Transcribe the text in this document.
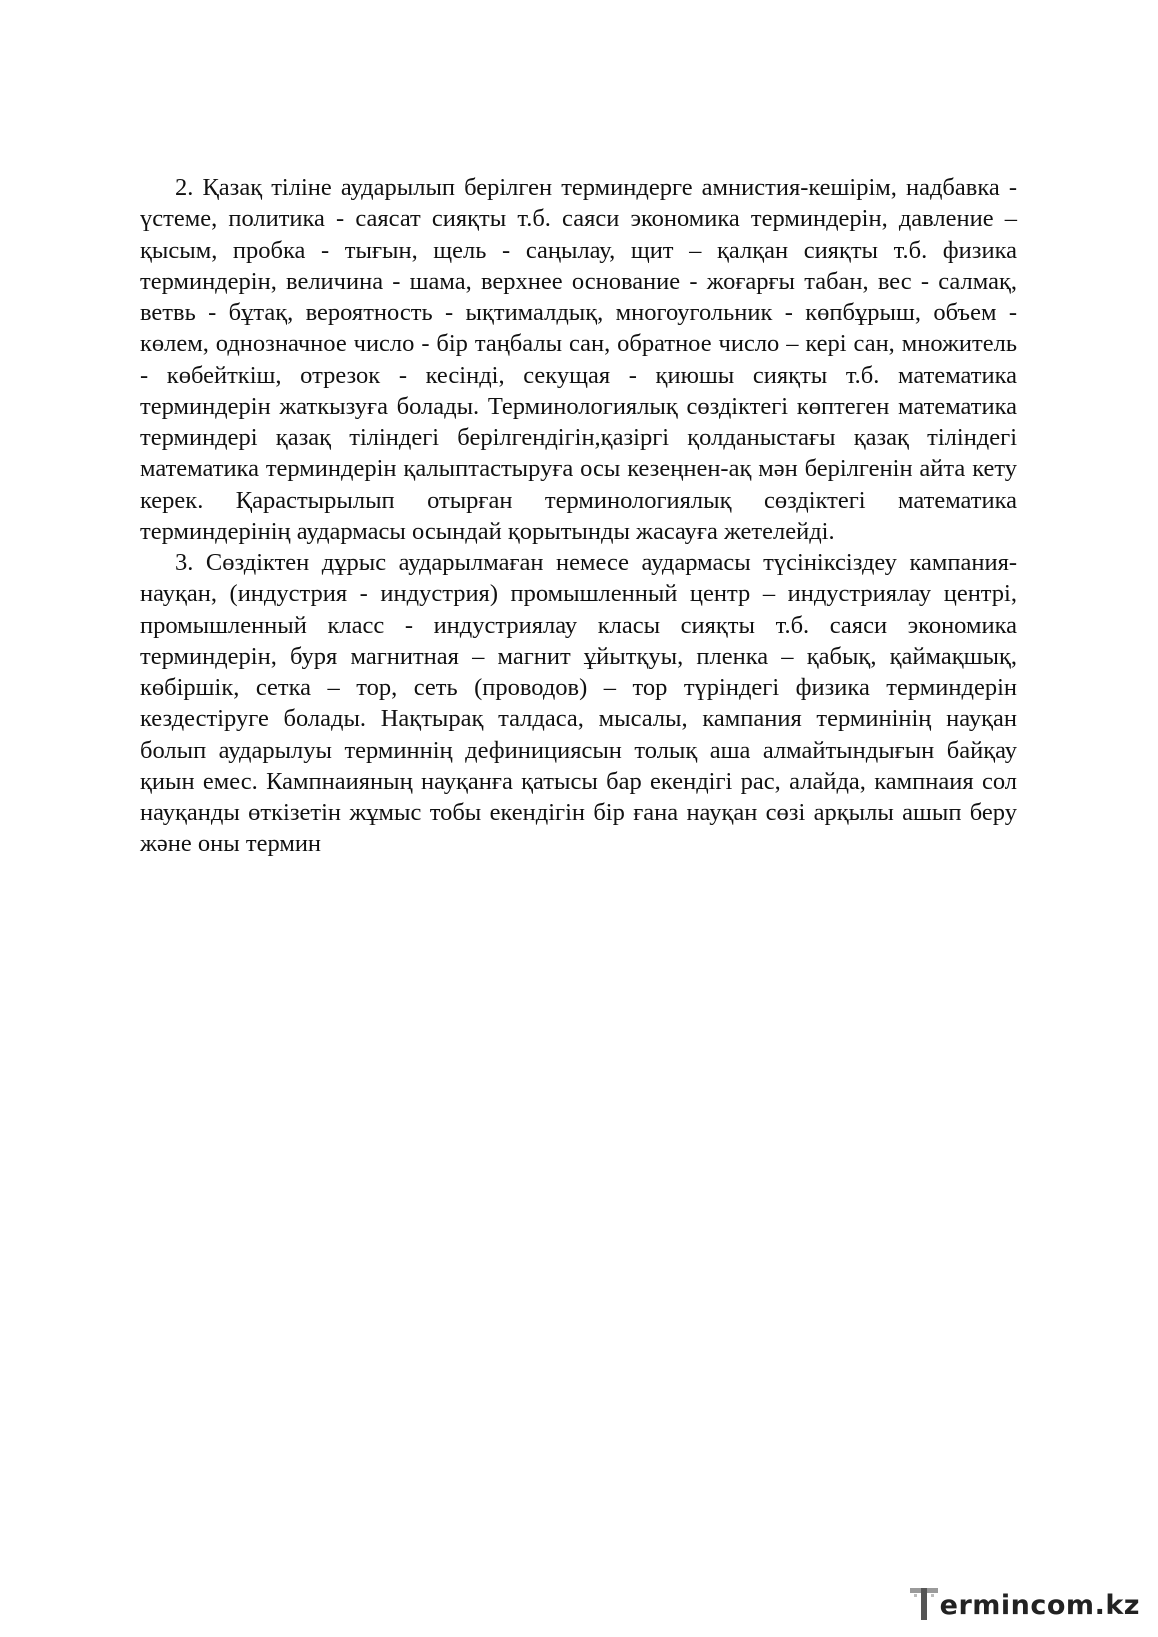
2. Қазақ тіліне аударылып берілген терминдерге амнистия-кешірім, надбавка - үстеме, политика - саясат сияқты т.б. саяси экономика терминдерін, давление – қысым, пробка - тығын, щель - саңылау, щит – қалқан сияқты т.б. физика терминдерін, величина - шама, верхнее основание - жоғарғы табан, вес - салмақ, ветвь - бұтақ, вероятность - ықтималдық, многоугольник - көпбұрыш, объем - көлем, однозначное число - бір таңбалы сан, обратное число – кері сан, множитель - көбейткіш, отрезок - кесінді, секущая - қиюшы сияқты т.б. математика терминдерін жаткызуға болады. Терминологиялық сөздіктегі көптеген математика терминдері қазақ тіліндегі берілгендігін,қазіргі қолданыстағы қазақ тіліндегі математика терминдерін қалыптастыруға осы кезеңнен-ақ мән берілгенін айта кету керек. Қарастырылып отырған терминологиялық сөздіктегі математика терминдерінің аудармасы осындай қорытынды жасауға жетелейді.

3. Сөздіктен дұрыс аударылмаған немесе аудармасы түсініксіздеу кампания-науқан, (индустрия - индустрия) промышленный центр – индустриялау центрі, промышленный класс - индустриялау класы сияқты т.б. саяси экономика терминдерін, буря магнитная – магнит ұйытқуы, пленка – қабық, қаймақшық, көбіршік, сетка – тор, сеть (проводов) – тор түріндегі физика терминдерін кездестіруге болады. Нақтырақ талдаса, мысалы, кампания терминінің науқан болып аударылуы терминнің дефинициясын толық аша алмайтындығын байқау қиын емес. Кампнаияның науқанға қатысы бар екендігі рас, алайда, кампнаия сол науқанды өткізетін жұмыс тобы екендігін бір ғана науқан сөзі арқылы ашып беру және оны термин

ermincom.kz
